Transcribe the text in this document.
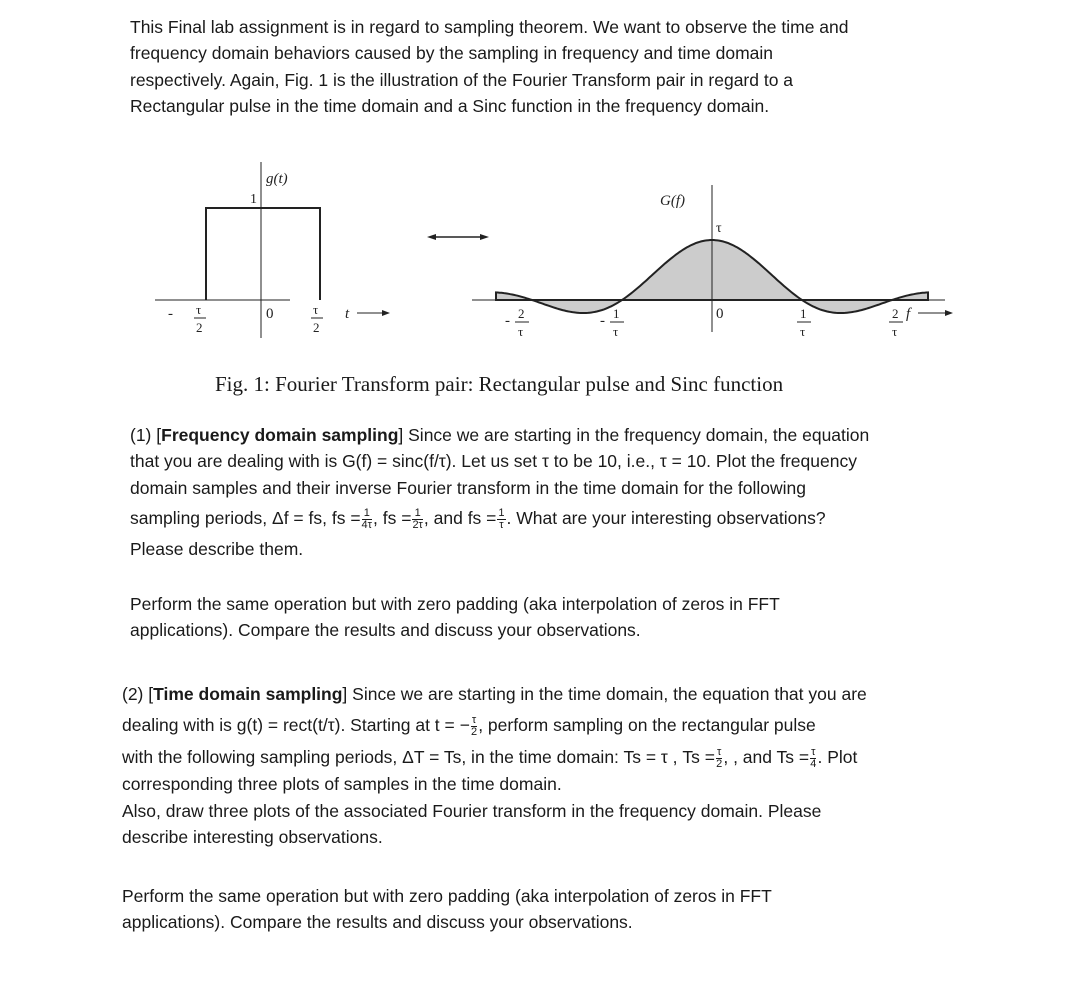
This Final lab assignment is in regard to sampling theorem. We want to observe the time and
frequency domain behaviors caused by the sampling in frequency and time domain
respectively. Again, Fig. 1 is the illustration of the Fourier Transform pair in regard to a
Rectangular pulse in the time domain and a Sinc function in the frequency domain.
g(t)
1
0
- τ
2
τ
2
t
G(f)
τ
0
- 2
τ
- 1
τ
1
τ
2
τ
f
Fig. 1: Fourier Transform pair: Rectangular pulse and Sinc function
(1) [Frequency domain sampling] Since we are starting in the frequency domain, the equation
that you are dealing with is G(f) = sinc(f/τ). Let us set τ to be 10, i.e., τ = 10. Plot the frequency
domain samples and their inverse Fourier transform in the time domain for the following
sampling periods, Δf = fs, fs = $\frac{1}{4\tau}$ , fs = $\frac{1}{2\tau}$ , and fs = $\frac{1}{\tau}$ . What are your interesting observations?
Please describe them.
Perform the same operation but with zero padding (aka interpolation of zeros in FFT
applications). Compare the results and discuss your observations.
(2) [Time domain sampling] Since we are starting in the time domain, the equation that you are
dealing with is g(t) = rect(t/τ). Starting at t = − $\frac{\tau}{2}$ , perform sampling on the rectangular pulse
with the following sampling periods, ΔT = Ts, in the time domain: Ts = τ , $Ts = \frac{\tau}{2}$ , , and $Ts = \frac{\tau}{4}$ . Plot
corresponding three plots of samples in the time domain.
Also, draw three plots of the associated Fourier transform in the frequency domain. Please
describe interesting observations.
Perform the same operation but with zero padding (aka interpolation of zeros in FFT
applications). Compare the results and discuss your observations.
